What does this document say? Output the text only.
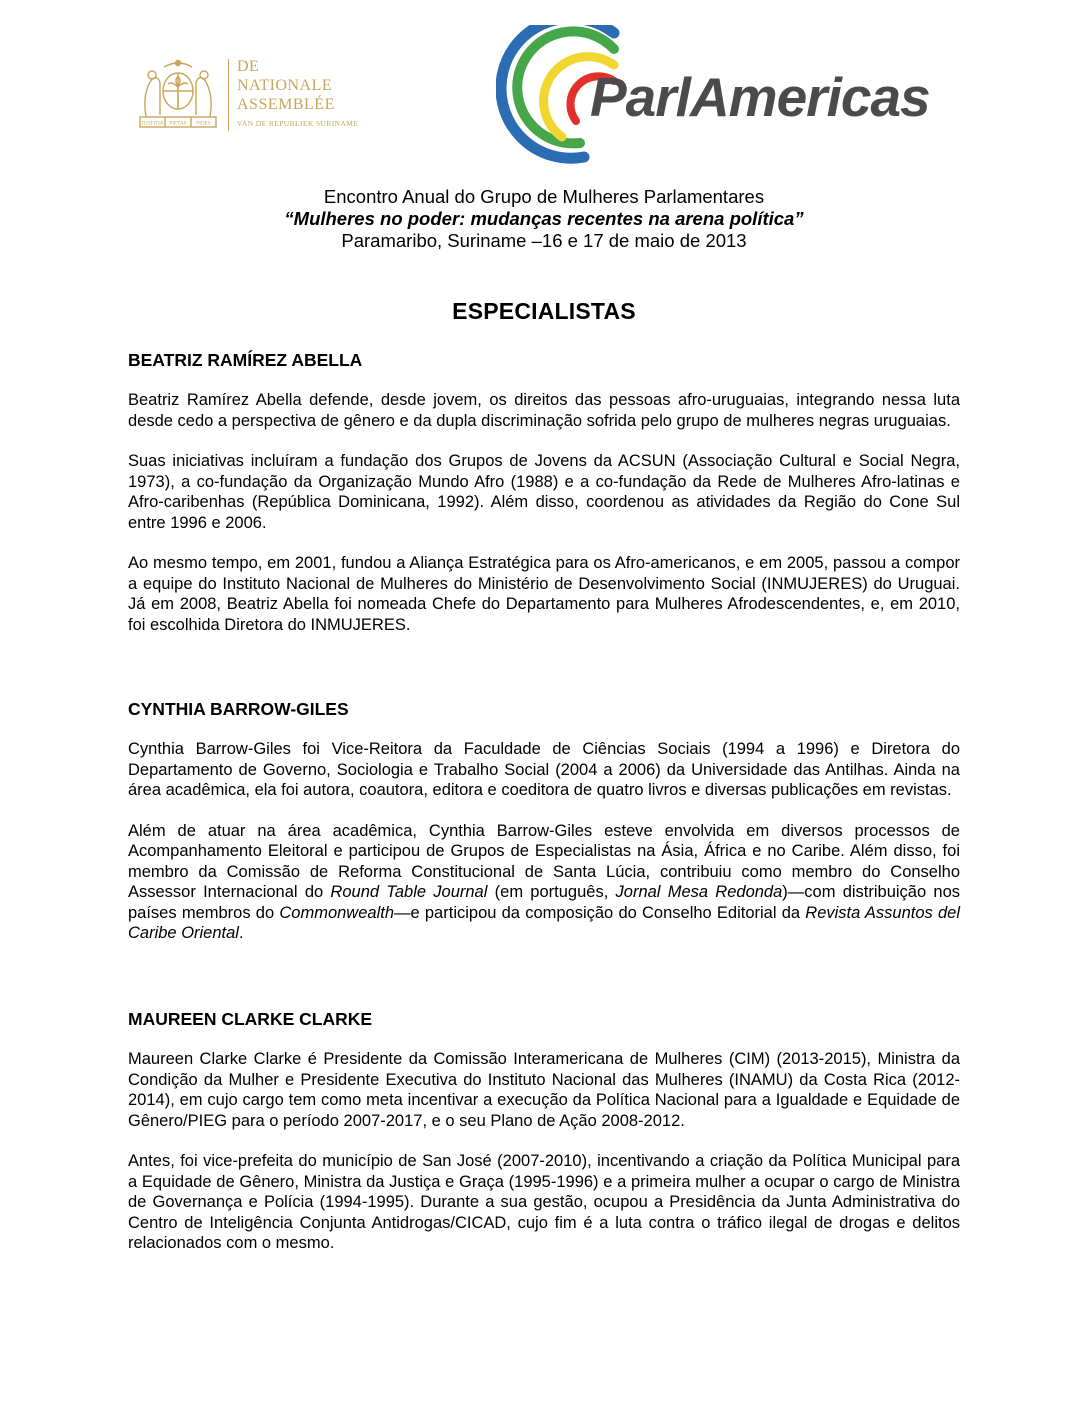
JUSTITIA PIETAS FIDES
DE
NATIONALE
ASSEMBLÉE
VAN DE REPUBLIEK SURINAME	ParlAmericas
Encontro Anual do Grupo de Mulheres Parlamentares
“Mulheres no poder: mudanças recentes na arena política”
Paramaribo, Suriname –16 e 17 de maio de 2013
ESPECIALISTAS
BEATRIZ RAMÍREZ ABELLA

Beatriz Ramírez Abella defende, desde jovem, os direitos das pessoas afro-uruguaias, integrando nessa luta desde cedo a perspectiva de gênero e da dupla discriminação sofrida pelo grupo de mulheres negras uruguaias.

Suas iniciativas incluíram a fundação dos Grupos de Jovens da ACSUN (Associação Cultural e Social Negra, 1973), a co-fundação da Organização Mundo Afro (1988) e a co-fundação da Rede de Mulheres Afro-latinas e Afro-caribenhas (República Dominicana, 1992). Além disso, coordenou as atividades da Região do Cone Sul entre 1996 e 2006.

Ao mesmo tempo, em 2001, fundou a Aliança Estratégica para os Afro-americanos, e em 2005, passou a compor a equipe do Instituto Nacional de Mulheres do Ministério de Desenvolvimento Social (INMUJERES) do Uruguai. Já em 2008, Beatriz Abella foi nomeada Chefe do Departamento para Mulheres Afrodescendentes, e, em 2010, foi escolhida Diretora do INMUJERES.

CYNTHIA BARROW-GILES

Cynthia Barrow-Giles foi Vice-Reitora da Faculdade de Ciências Sociais (1994 a 1996) e Diretora do Departamento de Governo, Sociologia e Trabalho Social (2004 a 2006) da Universidade das Antilhas. Ainda na área acadêmica, ela foi autora, coautora, editora e coeditora de quatro livros e diversas publicações em revistas.

Além de atuar na área acadêmica, Cynthia Barrow-Giles esteve envolvida em diversos processos de Acompanhamento Eleitoral e participou de Grupos de Especialistas na Ásia, África e no Caribe. Além disso, foi membro da Comissão de Reforma Constitucional de Santa Lúcia, contribuiu como membro do Conselho Assessor Internacional do Round Table Journal (em português, Jornal Mesa Redonda)—com distribuição nos países membros do Commonwealth—e participou da composição do Conselho Editorial da Revista Assuntos del Caribe Oriental.

MAUREEN CLARKE CLARKE

Maureen Clarke Clarke é Presidente da Comissão Interamericana de Mulheres (CIM) (2013-2015), Ministra da Condição da Mulher e Presidente Executiva do Instituto Nacional das Mulheres (INAMU) da Costa Rica (2012-2014), em cujo cargo tem como meta incentivar a execução da Política Nacional para a Igualdade e Equidade de Gênero/PIEG para o período 2007-2017, e o seu Plano de Ação 2008-2012.

Antes, foi vice-prefeita do município de San José (2007-2010), incentivando a criação da Política Municipal para a Equidade de Gênero, Ministra da Justiça e Graça (1995-1996) e a primeira mulher a ocupar o cargo de Ministra de Governança e Polícia (1994-1995). Durante a sua gestão, ocupou a Presidência da Junta Administrativa do Centro de Inteligência Conjunta Antidrogas/CICAD, cujo fim é a luta contra o tráfico ilegal de drogas e delitos relacionados com o mesmo.
